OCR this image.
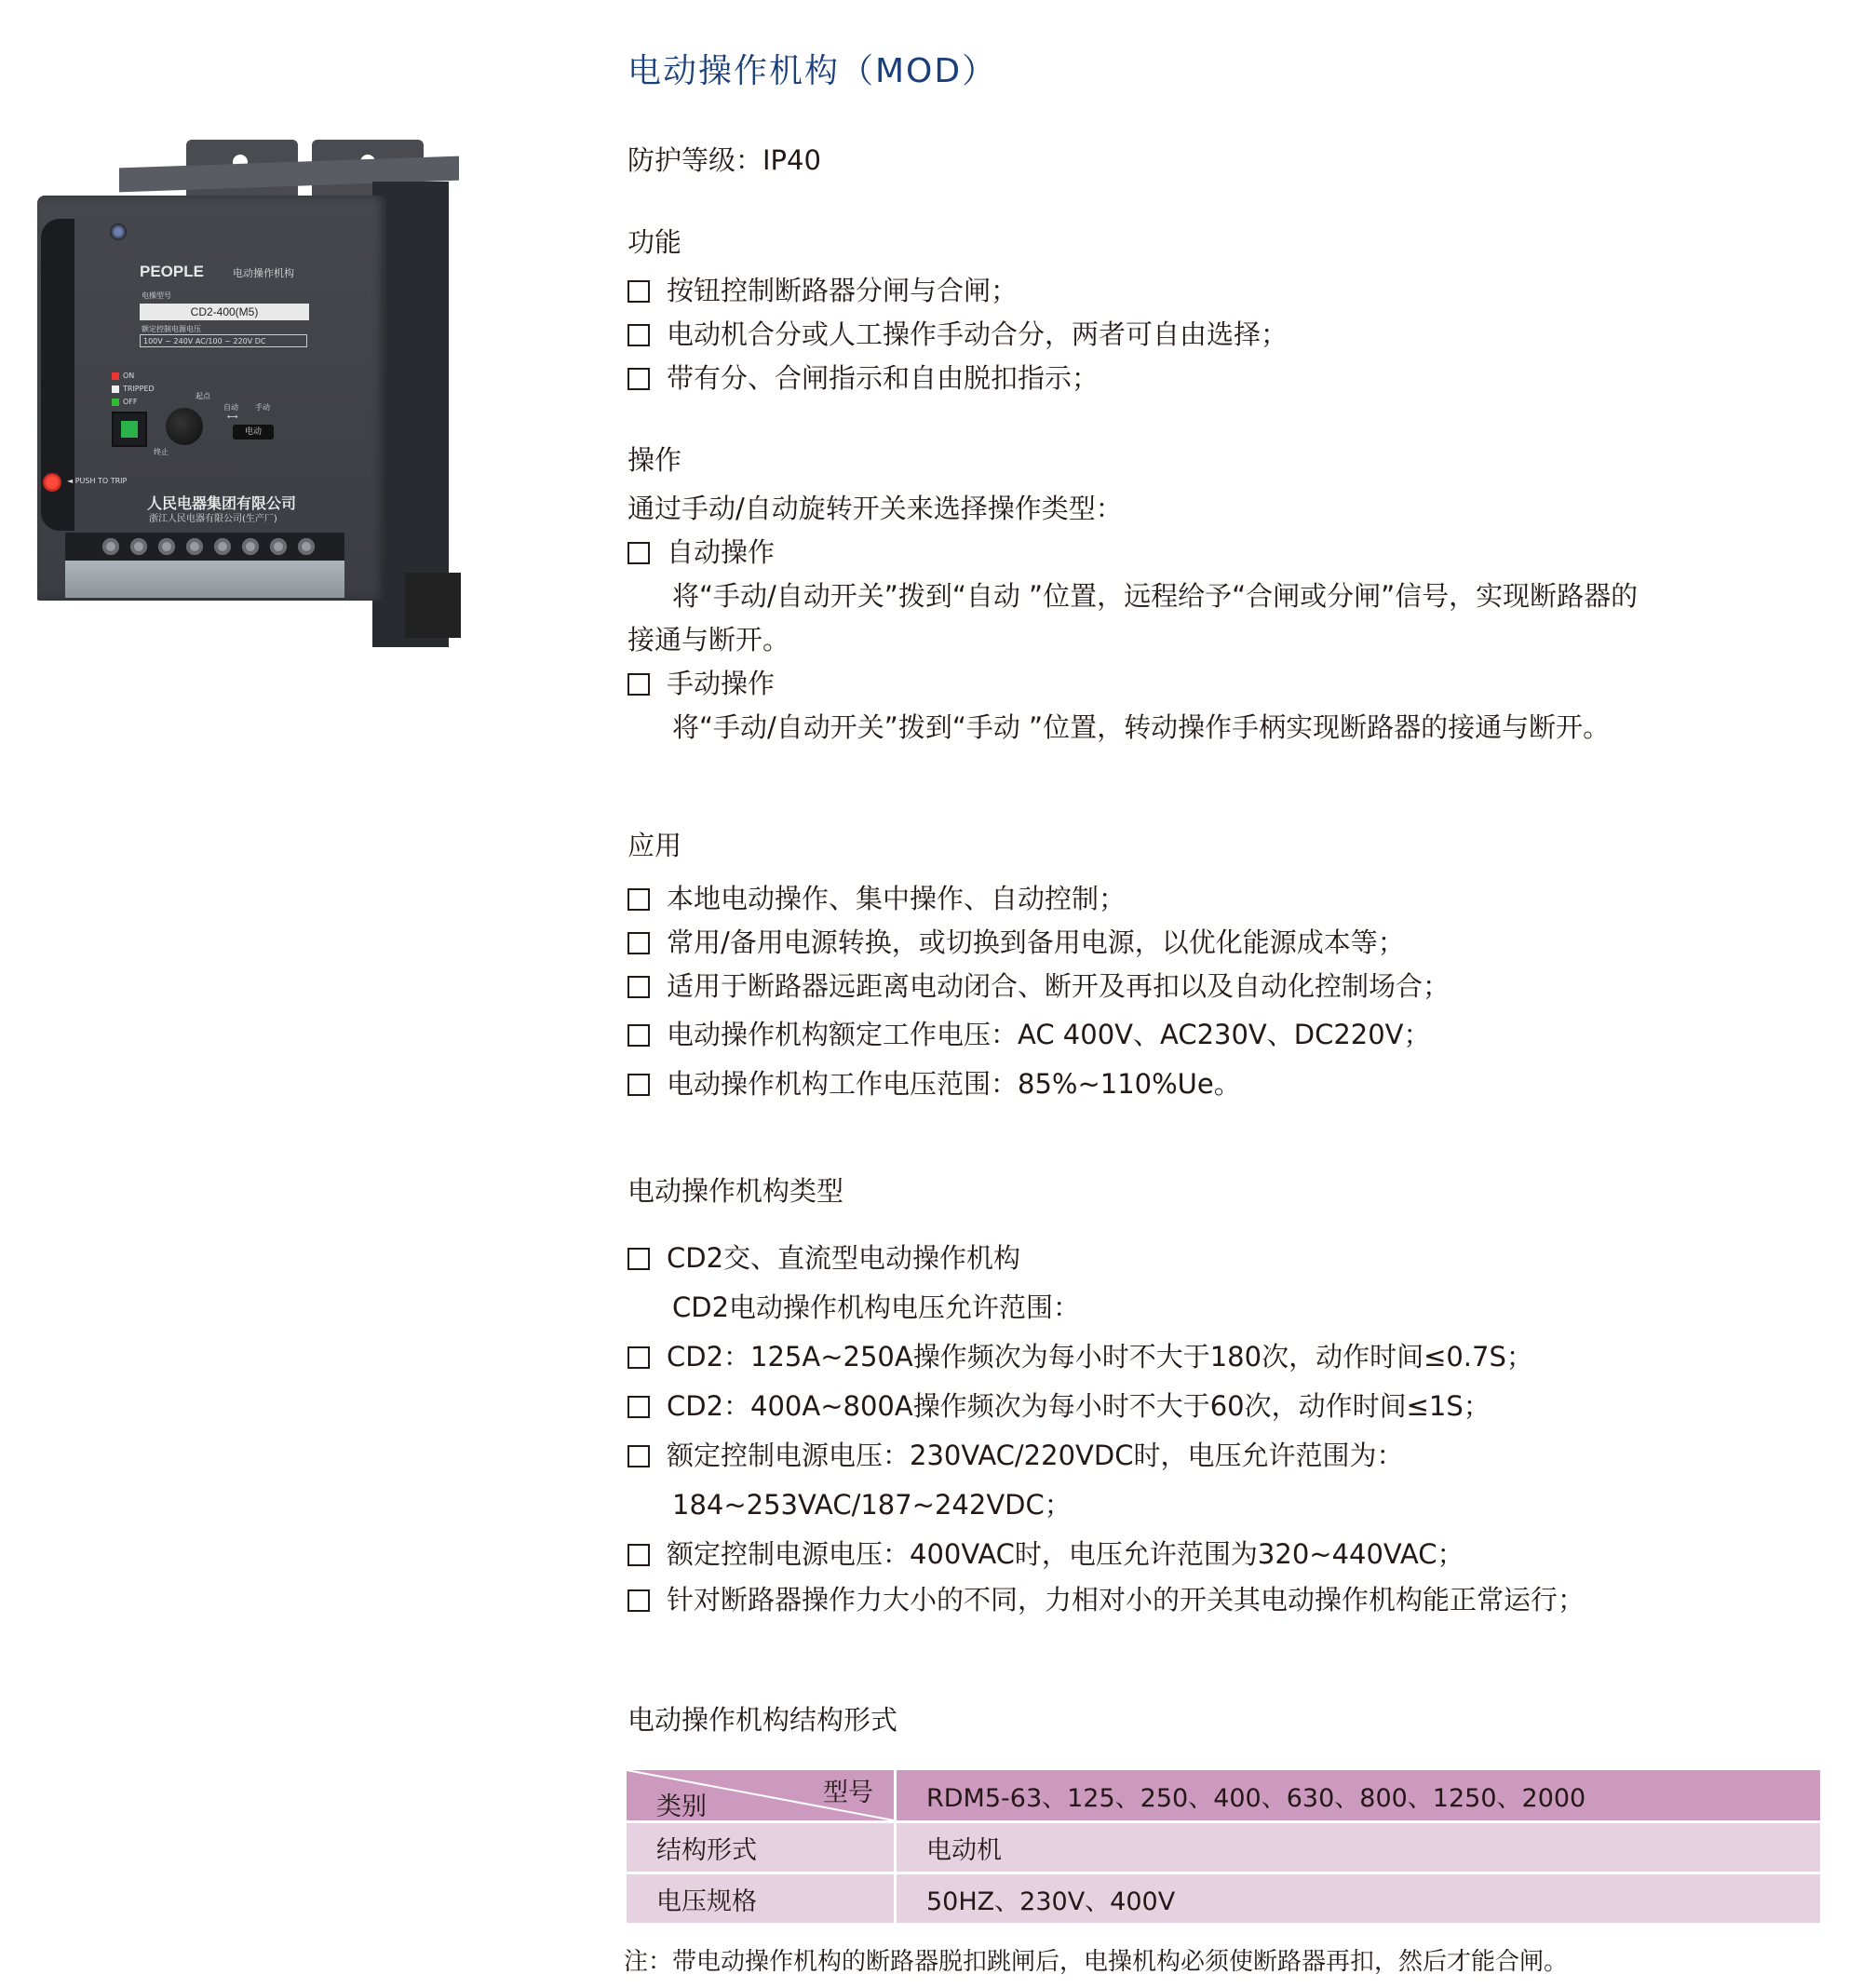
PEOPLE	电动操作机构
电操型号
CD2-400(M5)
额定控制电源电压
100V ~ 240V AC/100 ~ 220V DC
ON
TRIPPED
OFF
起点
终止
自动 手动
⟷
电动
◄ PUSH TO TRIP
人民电器集团有限公司
浙江人民电器有限公司(生产厂)
电动操作机构（MOD）
防护等级：IP40
功能
按钮控制断路器分闸与合闸；
电动机合分或人工操作手动合分，两者可自由选择；
带有分、合闸指示和自由脱扣指示；
操作
通过手动/自动旋转开关来选择操作类型：
自动操作
将“手动/自动开关”拨到“自动 ”位置，远程给予“合闸或分闸”信号，实现断路器的
接通与断开。
手动操作
将“手动/自动开关”拨到“手动 ”位置，转动操作手柄实现断路器的接通与断开。
应用
本地电动操作、集中操作、自动控制；
常用/备用电源转换，或切换到备用电源，以优化能源成本等；
适用于断路器远距离电动闭合、断开及再扣以及自动化控制场合；
电动操作机构额定工作电压：AC 400V、AC230V、DC220V；
电动操作机构工作电压范围：85%~110%Ue。
电动操作机构类型
CD2交、直流型电动操作机构
CD2电动操作机构电压允许范围：
CD2：125A~250A操作频次为每小时不大于180次，动作时间≤0.7S；
CD2：400A~800A操作频次为每小时不大于60次，动作时间≤1S；
额定控制电源电压：230VAC/220VDC时，电压允许范围为：
184~253VAC/187~242VDC；
额定控制电源电压：400VAC时，电压允许范围为320~440VAC；
针对断路器操作力大小的不同，力相对小的开关其电动操作机构能正常运行；
电动操作机构结构形式
型号
类别	RDM5-63、125、250、400、630、800、1250、2000
结构形式	电动机
电压规格	50HZ、230V、400V
注：带电动操作机构的断路器脱扣跳闸后，电操机构必须使断路器再扣，然后才能合闸。
